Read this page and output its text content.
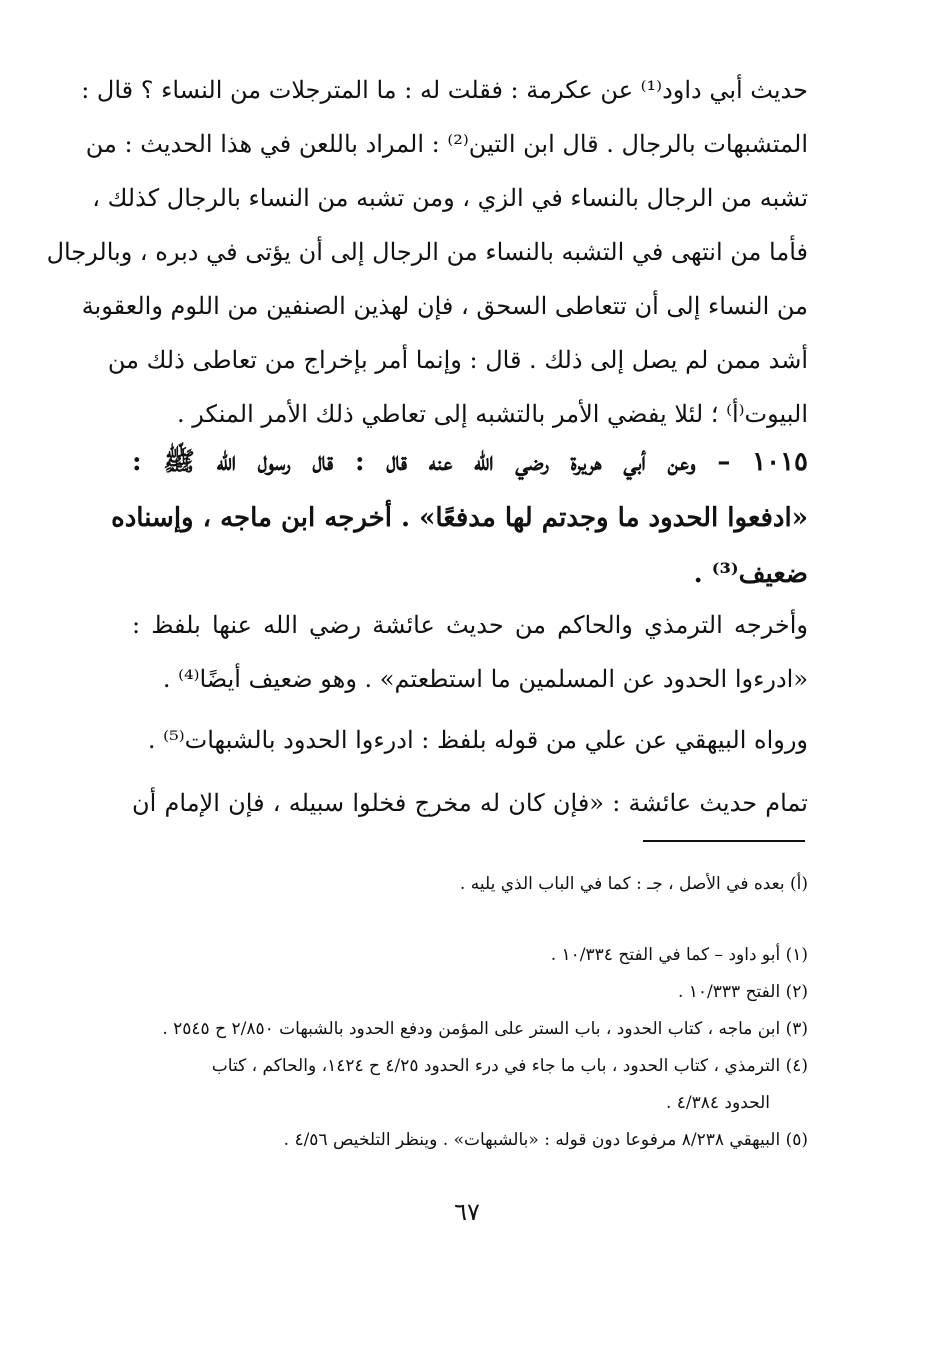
حديث أبي داود⁽¹⁾ عن عكرمة : فقلت له : ما المترجلات من النساء ؟ قال :
المتشبهات بالرجال . قال ابن التين⁽²⁾ : المراد باللعن في هذا الحديث : من
تشبه من الرجال بالنساء في الزي ، ومن تشبه من النساء بالرجال كذلك ،
فأما من انتهى في التشبه بالنساء من الرجال إلى أن يؤتى في دبره ، وبالرجال
من النساء إلى أن تتعاطى السحق ، فإن لهذين الصنفين من اللوم والعقوبة
أشد ممن لم يصل إلى ذلك . قال : وإنما أمر بإخراج من تعاطى ذلك من
البيوت⁽أ⁾ ؛ لئلا يفضي الأمر بالتشبه إلى تعاطي ذلك الأمر المنكر .
١٠١٥ – وعن أبي هريرة رضي الله عنه قال : قال رسول الله ﷺ :
«ادفعوا الحدود ما وجدتم لها مدفعًا» . أخرجه ابن ماجه ، وإسناده
ضعيف⁽³⁾ .
وأخرجه الترمذي والحاكم من حديث عائشة رضي الله عنها بلفظ :
«ادرءوا الحدود عن المسلمين ما استطعتم» . وهو ضعيف أيضًا⁽⁴⁾ .
ورواه البيهقي عن علي من قوله بلفظ : ادرءوا الحدود بالشبهات⁽⁵⁾ .
تمام حديث عائشة : «فإن كان له مخرج فخلوا سبيله ، فإن الإمام أن
(أ) بعده في الأصل ، جـ : كما في الباب الذي يليه .
(١) أبو داود – كما في الفتح ١٠/٣٣٤ .
(٢) الفتح ١٠/٣٣٣ .
(٣) ابن ماجه ، كتاب الحدود ، باب الستر على المؤمن ودفع الحدود بالشبهات ٢/٨٥٠ ح ٢٥٤٥ .
(٤) الترمذي ، كتاب الحدود ، باب ما جاء في درء الحدود ٤/٢٥ ح ١٤٢٤، والحاكم ، كتاب
الحدود ٤/٣٨٤ .
(٥) البيهقي ٨/٢٣٨ مرفوعا دون قوله : «بالشبهات» . وينظر التلخيص ٤/٥٦ .
٦٧
